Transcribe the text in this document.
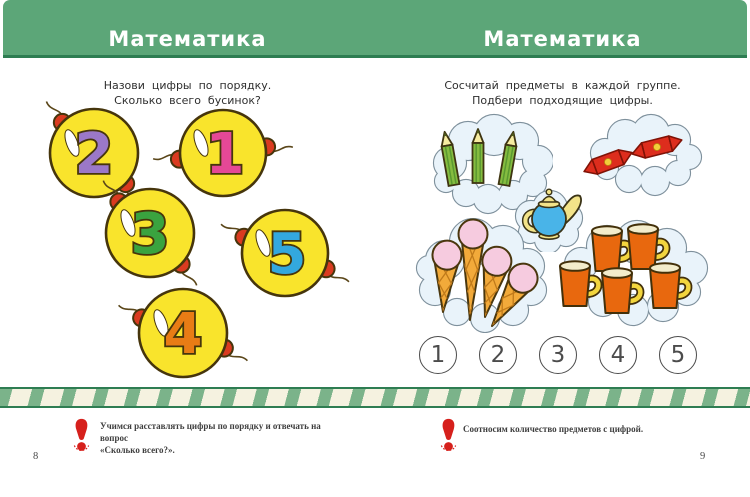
Математика	Математика
Назови цифры по порядку.
Сколько всего бусинок?
Сосчитай предметы в каждой группе.
Подбери подходящие цифры.
2 1
3 5
4	1	2	3	4	5
Учимся расставлять цифры по порядку и отвечать на вопрос
«Сколько всего?».
Соотносим количество предметов с цифрой.
8	9
